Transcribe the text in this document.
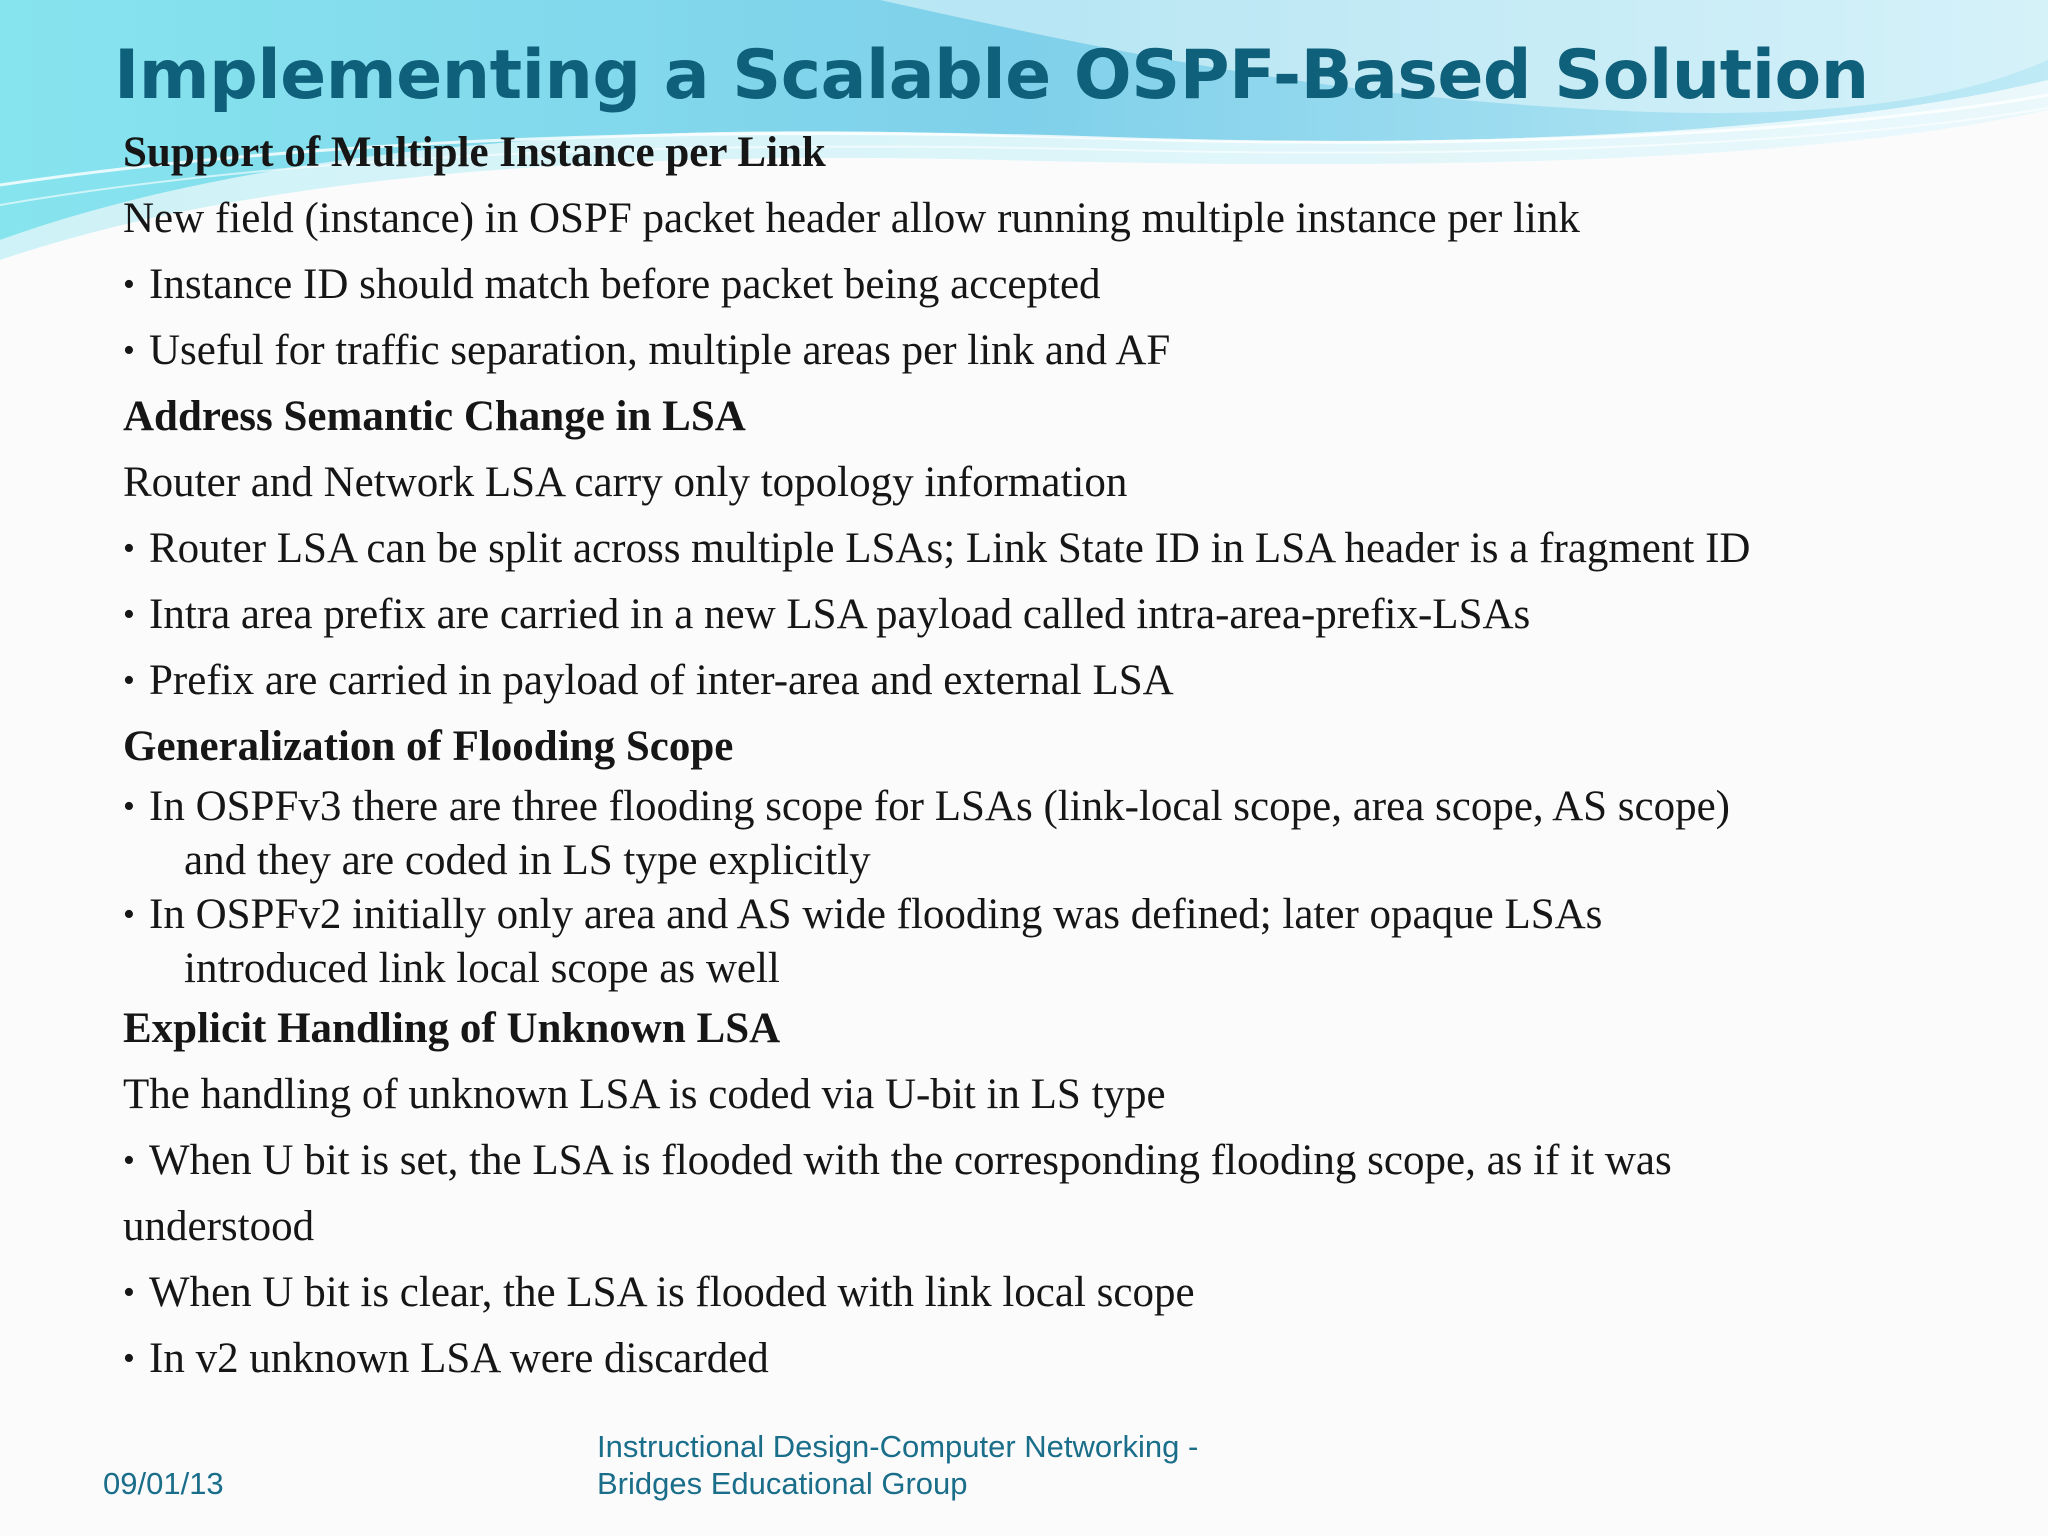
Implementing a Scalable OSPF-Based Solution
Support of Multiple Instance per Link
New field (instance) in OSPF packet header allow running multiple instance per link
• Instance ID should match before packet being accepted
• Useful for traffic separation, multiple areas per link and AF
Address Semantic Change in LSA
Router and Network LSA carry only topology information
• Router LSA can be split across multiple LSAs; Link State ID in LSA header is a fragment ID
• Intra area prefix are carried in a new LSA payload called intra-area-prefix-LSAs
• Prefix are carried in payload of inter-area and external LSA
Generalization of Flooding Scope
• In OSPFv3 there are three flooding scope for LSAs (link-local scope, area scope, AS scope)
and they are coded in LS type explicitly
• In OSPFv2 initially only area and AS wide flooding was defined; later opaque LSAs
introduced link local scope as well
Explicit Handling of Unknown LSA
The handling of unknown LSA is coded via U-bit in LS type
• When U bit is set, the LSA is flooded with the corresponding flooding scope, as if it was
understood
• When U bit is clear, the LSA is flooded with link local scope
• In v2 unknown LSA were discarded
09/01/13
Instructional Design-Computer Networking -
Bridges Educational Group
